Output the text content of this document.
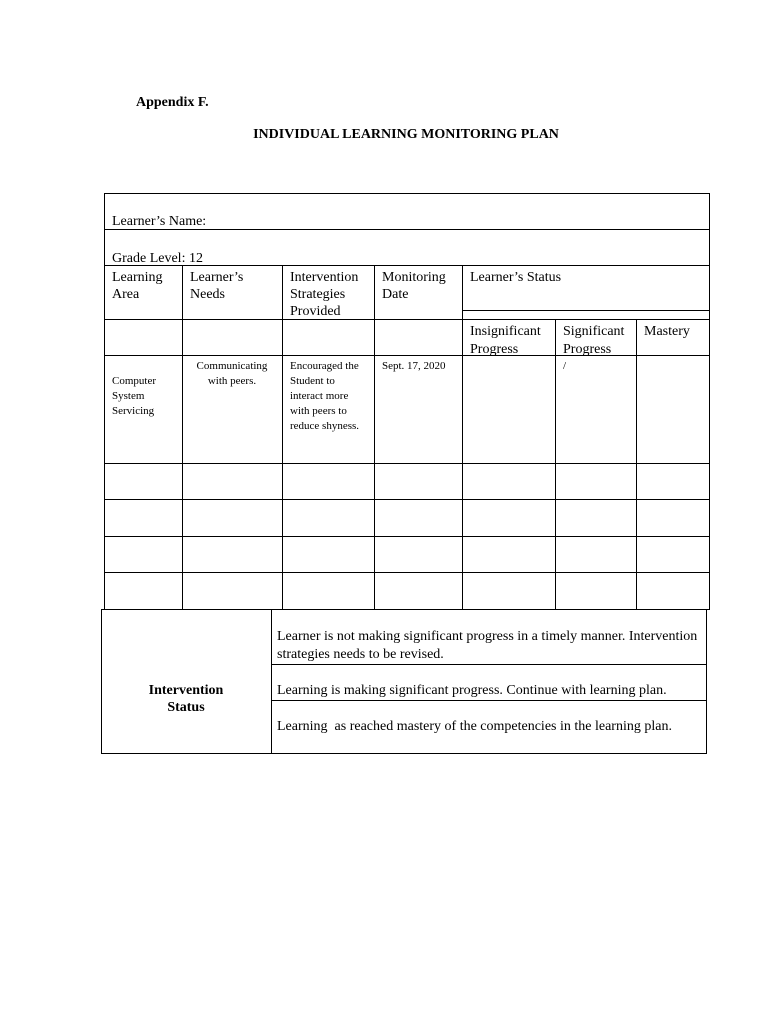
Appendix F.
INDIVIDUAL LEARNING MONITORING PLAN
Learner’s Name:
Grade Level: 12
Learning Area
Learner’s Needs
Intervention Strategies Provided
Monitoring Date
Learner’s Status
Insignificant Progress
Significant Progress
Mastery
Computer System Servicing
Communicating with peers.
Encouraged the Student to interact more with peers to reduce shyness.
Sept. 17, 2020	/
Intervention Status
Learner is not making significant progress in a timely manner. Intervention strategies needs to be revised.
Learning is making significant progress. Continue with learning plan.
Learning  as reached mastery of the competencies in the learning plan.
